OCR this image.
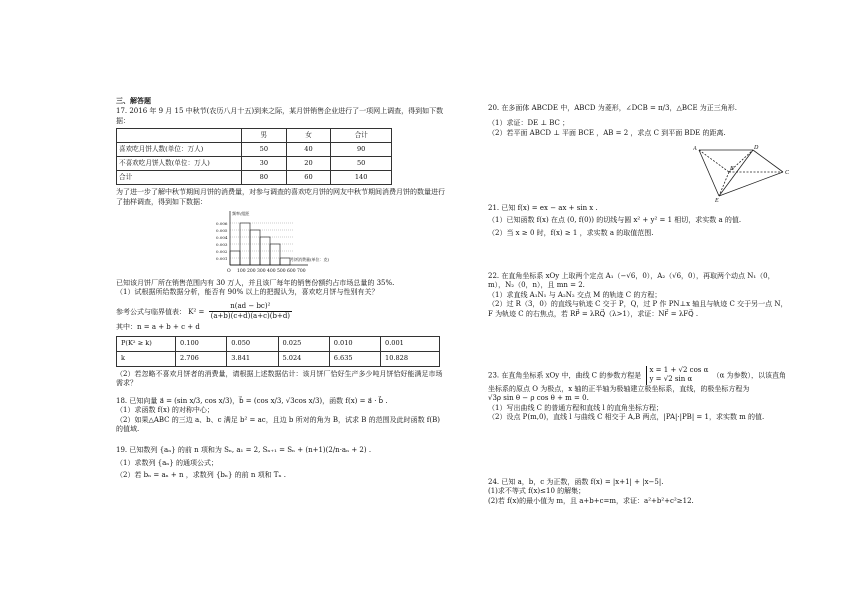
三、解答题

17. 2016 年 9 月 15 中秋节(农历八月十五)到来之际，某月饼销售企业进行了一项网上调查，得到如下数据：

	男	女	合计
喜欢吃月饼人数(单位：万人)	50	40	90
不喜欢吃月饼人数(单位：万人)	30	20	50
合计	80	60	140

为了进一步了解中秋节期间月饼的消费量，对参与调查的喜欢吃月饼的网友中秋节期间消费月饼的数量进行了抽样调查，得到如下数据：

0.006
0.005
0.004
0.003
0.002
0.001
O 100 200 300 400 500 600 700
频率/组距
月饼消费量(单位：克)

已知该月饼厂所在销售范围内有 30 万人，并且该厂每年的销售份额约占市场总量的 35%.

（1）试根据所给数据分析，能否有 90% 以上的把握认为，喜欢吃月饼与性别有关？

参考公式与临界值表： $K^2 = \frac{\text{n(ad − bc)²}}{(a+b)(c+d)(a+c)(b+d)}$

其中：n = a + b + c + d

P(K² ≥ k)	0.100	0.050	0.025	0.010	0.001
k	2.706	3.841	5.024	6.635	10.828

（2）若忽略不喜欢月饼者的消费量，请根据上述数据估计：该月饼厂恰好生产多少吨月饼恰好能满足市场需求？

18. 已知向量 a⃗ = (sin x/3, cos x/3)，b⃗ = (cos x/3, √3cos x/3)，函数 f(x) = a⃗ · b⃗ .

（1）求函数 f(x) 的对称中心；

（2）如果△ABC 的三边 a、b、c 满足 b² = ac，且边 b 所对的角为 B，试求 B 的范围及此时函数 f(B) 的值域.

19. 已知数列 {aₙ} 的前 n 项和为 Sₙ, a₁ = 2, Sₙ₊₁ = Sₙ + (n+1)(2/n·aₙ + 2) .

（1）求数列 {aₙ} 的通项公式；

（2）若 bₙ = aₙ + n ，求数列 {bₙ} 的前 n 项和 Tₙ .

20. 在多面体 ABCDE 中，ABCD 为菱形，∠DCB = π/3，△BCE 为正三角形.

（1）求证：DE ⊥ BC ；

（2）若平面 ABCD ⊥ 平面 BCE ，AB = 2 ，求点 C 到平面 BDE 的距离.

A	D
B
C
E

21. 已知 f(x) = ex − ax + sin x .

（1）已知函数 f(x) 在点 (0, f(0)) 的切线与圆 x² + y² = 1 相切，求实数 a 的值.

（2）当 x ≥ 0 时，f(x) ≥ 1 ，求实数 a 的取值范围.

22. 在直角坐标系 xOy 上取两个定点 A₁（−√6，0），A₂（√6，0），再取两个动点 N₁（0，m），N₂（0，n），且 mn = 2.

（1）求直线 A₁N₁ 与 A₂N₂ 交点 M 的轨迹 C 的方程；

（2）过 R（3，0）的直线与轨迹 C 交于 P，Q，过 P 作 PN⊥x 轴且与轨迹 C 交于另一点 N，F 为轨迹 C 的右焦点，若 RP⃗ = λRQ⃗（λ>1），求证：NF⃗ = λFQ⃗ .

23. 在直角坐标系 xOy 中，曲线 C 的参数方程是
x = 1 + √2 cos α
y = √2 sin α	（α 为参数），以该直角坐标系的原点 O 为极点，x 轴的正半轴为极轴建立极坐标系，直线，的极坐标方程为

√3ρ sin θ − ρ cos θ + m = 0.

（1）写出曲线 C 的普通方程和直线 l 的直角坐标方程；

（2）设点 P(m,0)，直线 l 与曲线 C 相交于 A,B 两点，|PA|·|PB| = 1，求实数 m 的值.

24. 已知 a，b，c 为正数，函数 f(x) = |x+1| + |x−5|.

(1)求不等式 f(x)≤10 的解集；

(2)若 f(x)的最小值为 m，且 a+b+c=m，求证：a²+b²+c²≥12.
